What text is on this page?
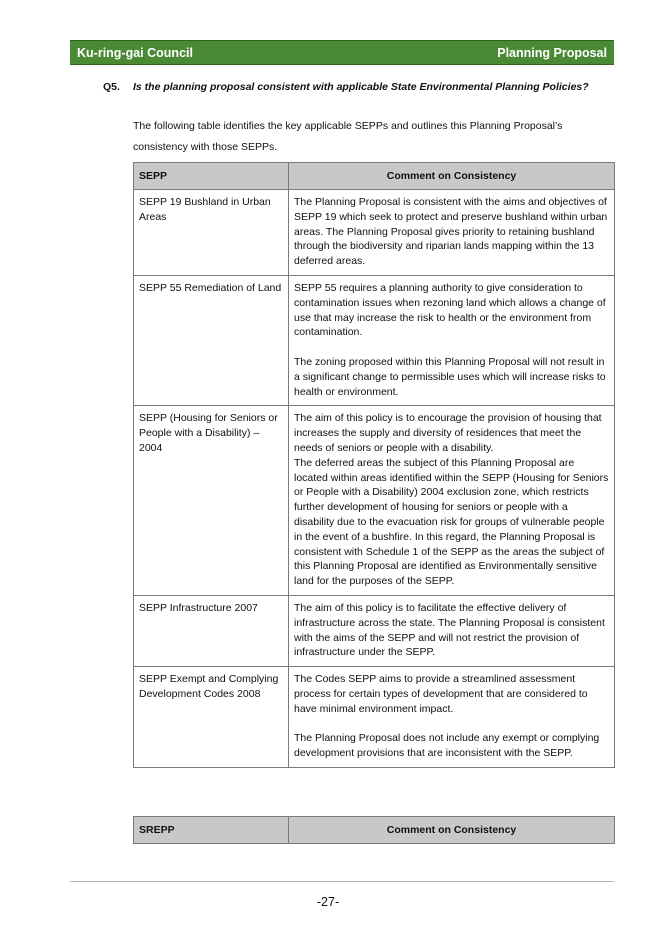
Ku-ring-gai Council	Planning Proposal
Q5. Is the planning proposal consistent with applicable State Environmental Planning Policies?
The following table identifies the key applicable SEPPs and outlines this Planning Proposal’s consistency with those SEPPs.
SEPP	Comment on Consistency
SEPP 19 Bushland in Urban Areas	The Planning Proposal is consistent with the aims and objectives of SEPP 19 which seek to protect and preserve bushland within urban areas. The Planning Proposal gives priority to retaining bushland through the biodiversity and riparian lands mapping within the 13 deferred areas.

SEPP 55 Remediation of Land	SEPP 55 requires a planning authority to give consideration to contamination issues when rezoning land which allows a change of use that may increase the risk to health or the environment from contamination.
The zoning proposed within this Planning Proposal will not result in a significant change to permissible uses which will increase risks to health or environment.

SEPP (Housing for Seniors or People with a Disability) – 2004	The aim of this policy is to encourage the provision of housing that increases the supply and diversity of residences that meet the needs of seniors or people with a disability.
The deferred areas the subject of this Planning Proposal are located within areas identified within the SEPP (Housing for Seniors or People with a Disability) 2004 exclusion zone, which restricts further development of housing for seniors or people with a disability due to the evacuation risk for groups of vulnerable people in the event of a bushfire. In this regard, the Planning Proposal is consistent with Schedule 1 of the SEPP as the areas the subject of this Planning Proposal are identified as Environmentally sensitive land for the purposes of the SEPP.

SEPP Infrastructure 2007	The aim of this policy is to facilitate the effective delivery of infrastructure across the state. The Planning Proposal is consistent with the aims of the SEPP and will not restrict the provision of infrastructure under the SEPP.

SEPP Exempt and Complying Development Codes 2008	The Codes SEPP aims to provide a streamlined assessment process for certain types of development that are considered to have minimal environment impact.
The Planning Proposal does not include any exempt or complying development provisions that are inconsistent with the SEPP.
SREPP	Comment on Consistency
-27-
